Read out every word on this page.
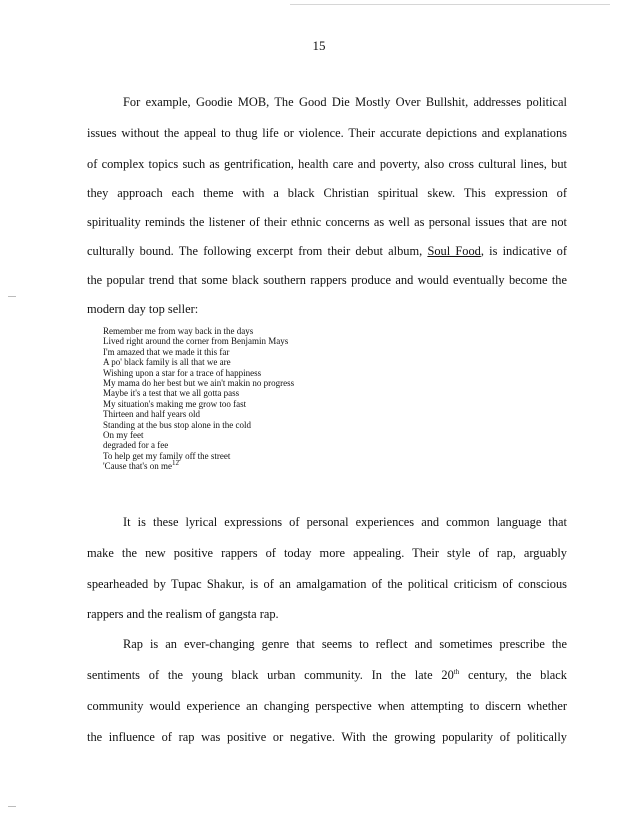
15
For example, Goodie MOB, The Good Die Mostly Over Bullshit, addresses political
issues without the appeal to thug life or violence. Their accurate depictions and explanations
of complex topics such as gentrification, health care and poverty, also cross cultural lines, but
they approach each theme with a black Christian spiritual skew. This expression of
spirituality reminds the listener of their ethnic concerns as well as personal issues that are not
culturally bound. The following excerpt from their debut album, Soul Food, is indicative of
the popular trend that some black southern rappers produce and would eventually become the
modern day top seller:
Remember me from way back in the days
Lived right around the corner from Benjamin Mays
I'm amazed that we made it this far
A po' black family is all that we are
Wishing upon a star for a trace of happiness
My mama do her best but we ain't makin no progress
Maybe it's a test that we all gotta pass
My situation's making me grow too fast
Thirteen and half years old
Standing at the bus stop alone in the cold
On my feet
degraded for a fee
To help get my family off the street
'Cause that's on $me^{12}$
It is these lyrical expressions of personal experiences and common language that
make the new positive rappers of today more appealing. Their style of rap, arguably
spearheaded by Tupac Shakur, is of an amalgamation of the political criticism of conscious
rappers and the realism of gangsta rap.
Rap is an ever-changing genre that seems to reflect and sometimes prescribe the
sentiments of the young black urban community. In the late 20th century, the black
community would experience an changing perspective when attempting to discern whether
the influence of rap was positive or negative. With the growing popularity of politically
